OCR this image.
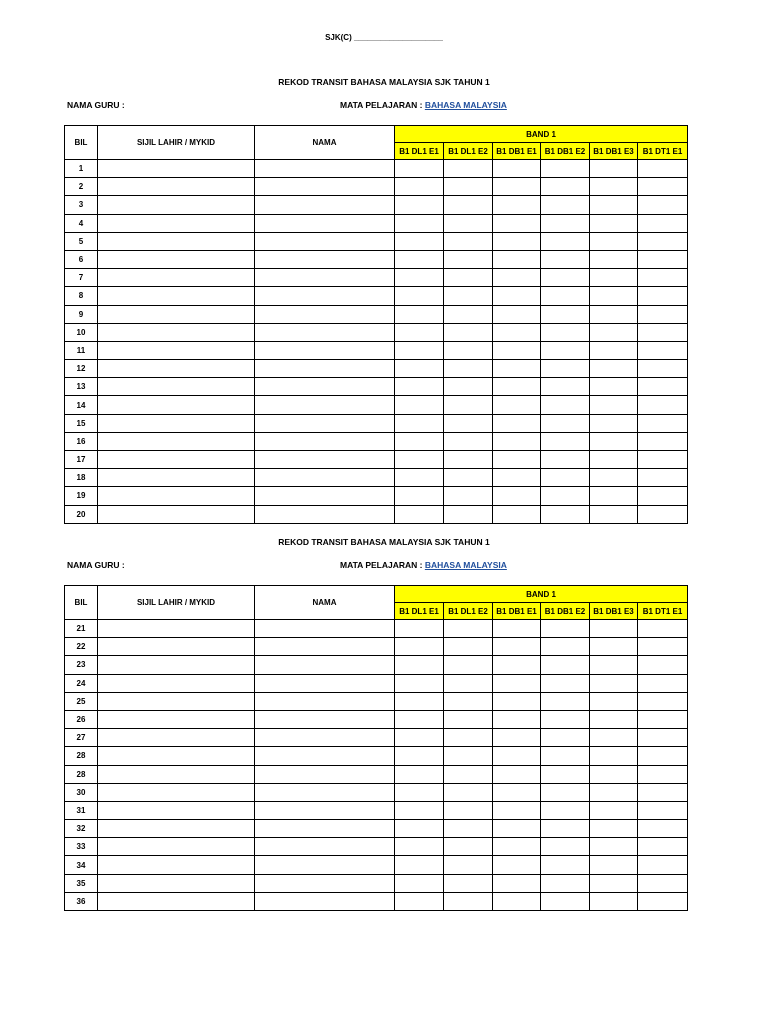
SJK(C) ____________________
REKOD TRANSIT BAHASA MALAYSIA SJK TAHUN 1
NAMA GURU :	MATA PELAJARAN : BAHASA MALAYSIA
BIL	SIJIL LAHIR / MYKID	NAMA	BAND 1					
			B1 DL1 E1	B1 DL1 E2	B1 DB1 E1	B1 DB1 E2	B1 DB1 E3	B1 DT1 E1
1								
2								
3								
4								
5								
6								
7								
8								
9								
10								
11								
12								
13								
14								
15								
16								
17								
18								
19								
20								
REKOD TRANSIT BAHASA MALAYSIA SJK TAHUN 1
NAMA GURU :	MATA PELAJARAN : BAHASA MALAYSIA
BIL	SIJIL LAHIR / MYKID	NAMA	BAND 1					
			B1 DL1 E1	B1 DL1 E2	B1 DB1 E1	B1 DB1 E2	B1 DB1 E3	B1 DT1 E1
21								
22								
23								
24								
25								
26								
27								
28								
28								
30								
31								
32								
33								
34								
35								
36								
